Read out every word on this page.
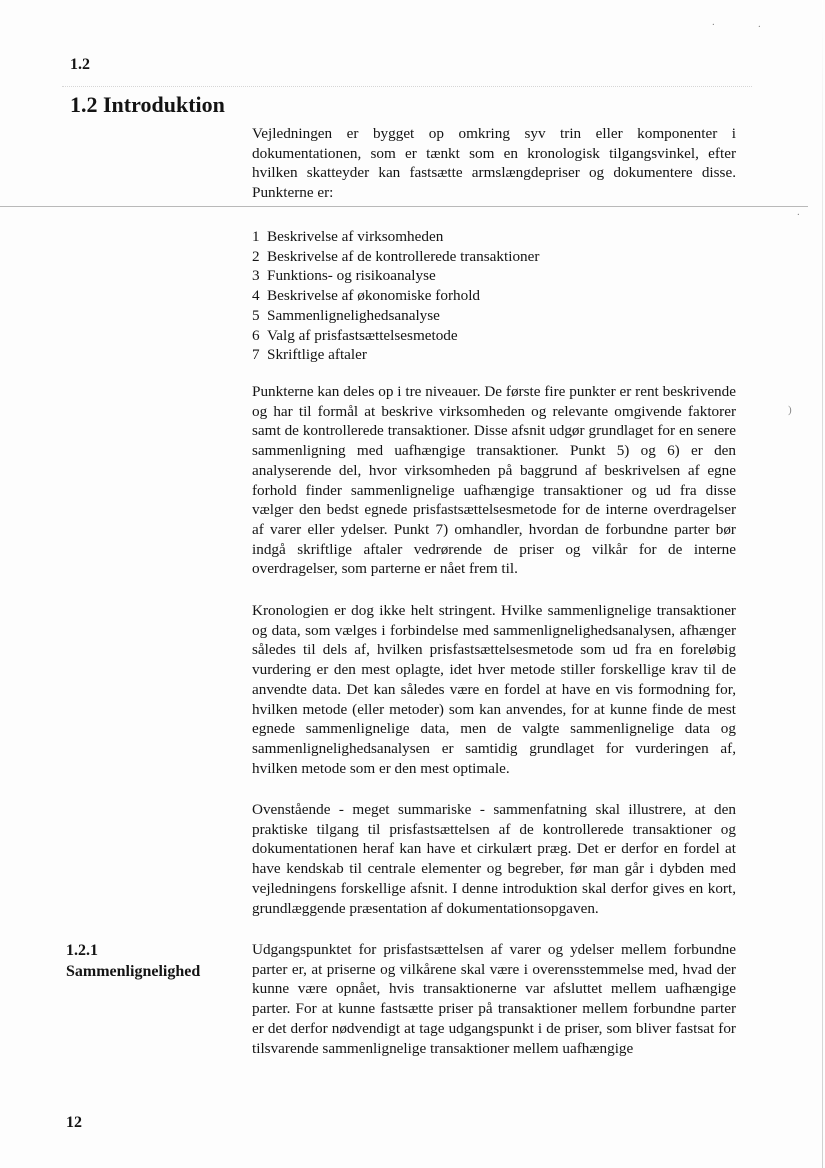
1.2

1.2 Introduktion

Vejledningen er bygget op omkring syv trin eller komponenter i dokumentationen, som er tænkt som en kronologisk tilgangsvinkel, efter hvilken skatteyder kan fastsætte armslængdepriser og dokumentere disse. Punkterne er:

1 Beskrivelse af virksomheden
2 Beskrivelse af de kontrollerede transaktioner
3 Funktions- og risikoanalyse
4 Beskrivelse af økonomiske forhold
5 Sammenlignelighedsanalyse
6 Valg af prisfastsættelsesmetode
7 Skriftlige aftaler

Punkterne kan deles op i tre niveauer. De første fire punkter er rent beskrivende og har til formål at beskrive virksomheden og relevante omgivende faktorer samt de kontrollerede transaktioner. Disse afsnit udgør grundlaget for en senere sammenligning med uafhængige transaktioner. Punkt 5) og 6) er den analyserende del, hvor virksomheden på baggrund af beskrivelsen af egne forhold finder sammenlignelige uafhængige transaktioner og ud fra disse vælger den bedst egnede prisfastsættelsesmetode for de interne overdragelser af varer eller ydelser. Punkt 7) omhandler, hvordan de forbundne parter bør indgå skriftlige aftaler vedrørende de priser og vilkår for de interne overdragelser, som parterne er nået frem til.

Kronologien er dog ikke helt stringent. Hvilke sammenlignelige transaktioner og data, som vælges i forbindelse med sammenlignelighedsanalysen, afhænger således til dels af, hvilken prisfastsættelsesmetode som ud fra en foreløbig vurdering er den mest oplagte, idet hver metode stiller forskellige krav til de anvendte data. Det kan således være en fordel at have en vis formodning for, hvilken metode (eller metoder) som kan anvendes, for at kunne finde de mest egnede sammenlignelige data, men de valgte sammenlignelige data og sammenlignelighedsanalysen er samtidig grundlaget for vurderingen af, hvilken metode som er den mest optimale.

Ovenstående - meget summariske - sammenfatning skal illustrere, at den praktiske tilgang til prisfastsættelsen af de kontrollerede transaktioner og dokumentationen heraf kan have et cirkulært præg. Det er derfor en fordel at have kendskab til centrale elementer og begreber, før man går i dybden med vejledningens forskellige afsnit. I denne introduktion skal derfor gives en kort, grundlæggende præsentation af dokumentationsopgaven.

1.2.1
Sammenlignelighed

Udgangspunktet for prisfastsættelsen af varer og ydelser mellem forbundne parter er, at priserne og vilkårene skal være i overensstemmelse med, hvad der kunne være opnået, hvis transaktionerne var afsluttet mellem uafhængige parter. For at kunne fastsætte priser på transaktioner mellem forbundne parter er det derfor nødvendigt at tage udgangspunkt i de priser, som bliver fastsat for tilsvarende sammenlignelige transaktioner mellem uafhængige

12

.	.
.
)
